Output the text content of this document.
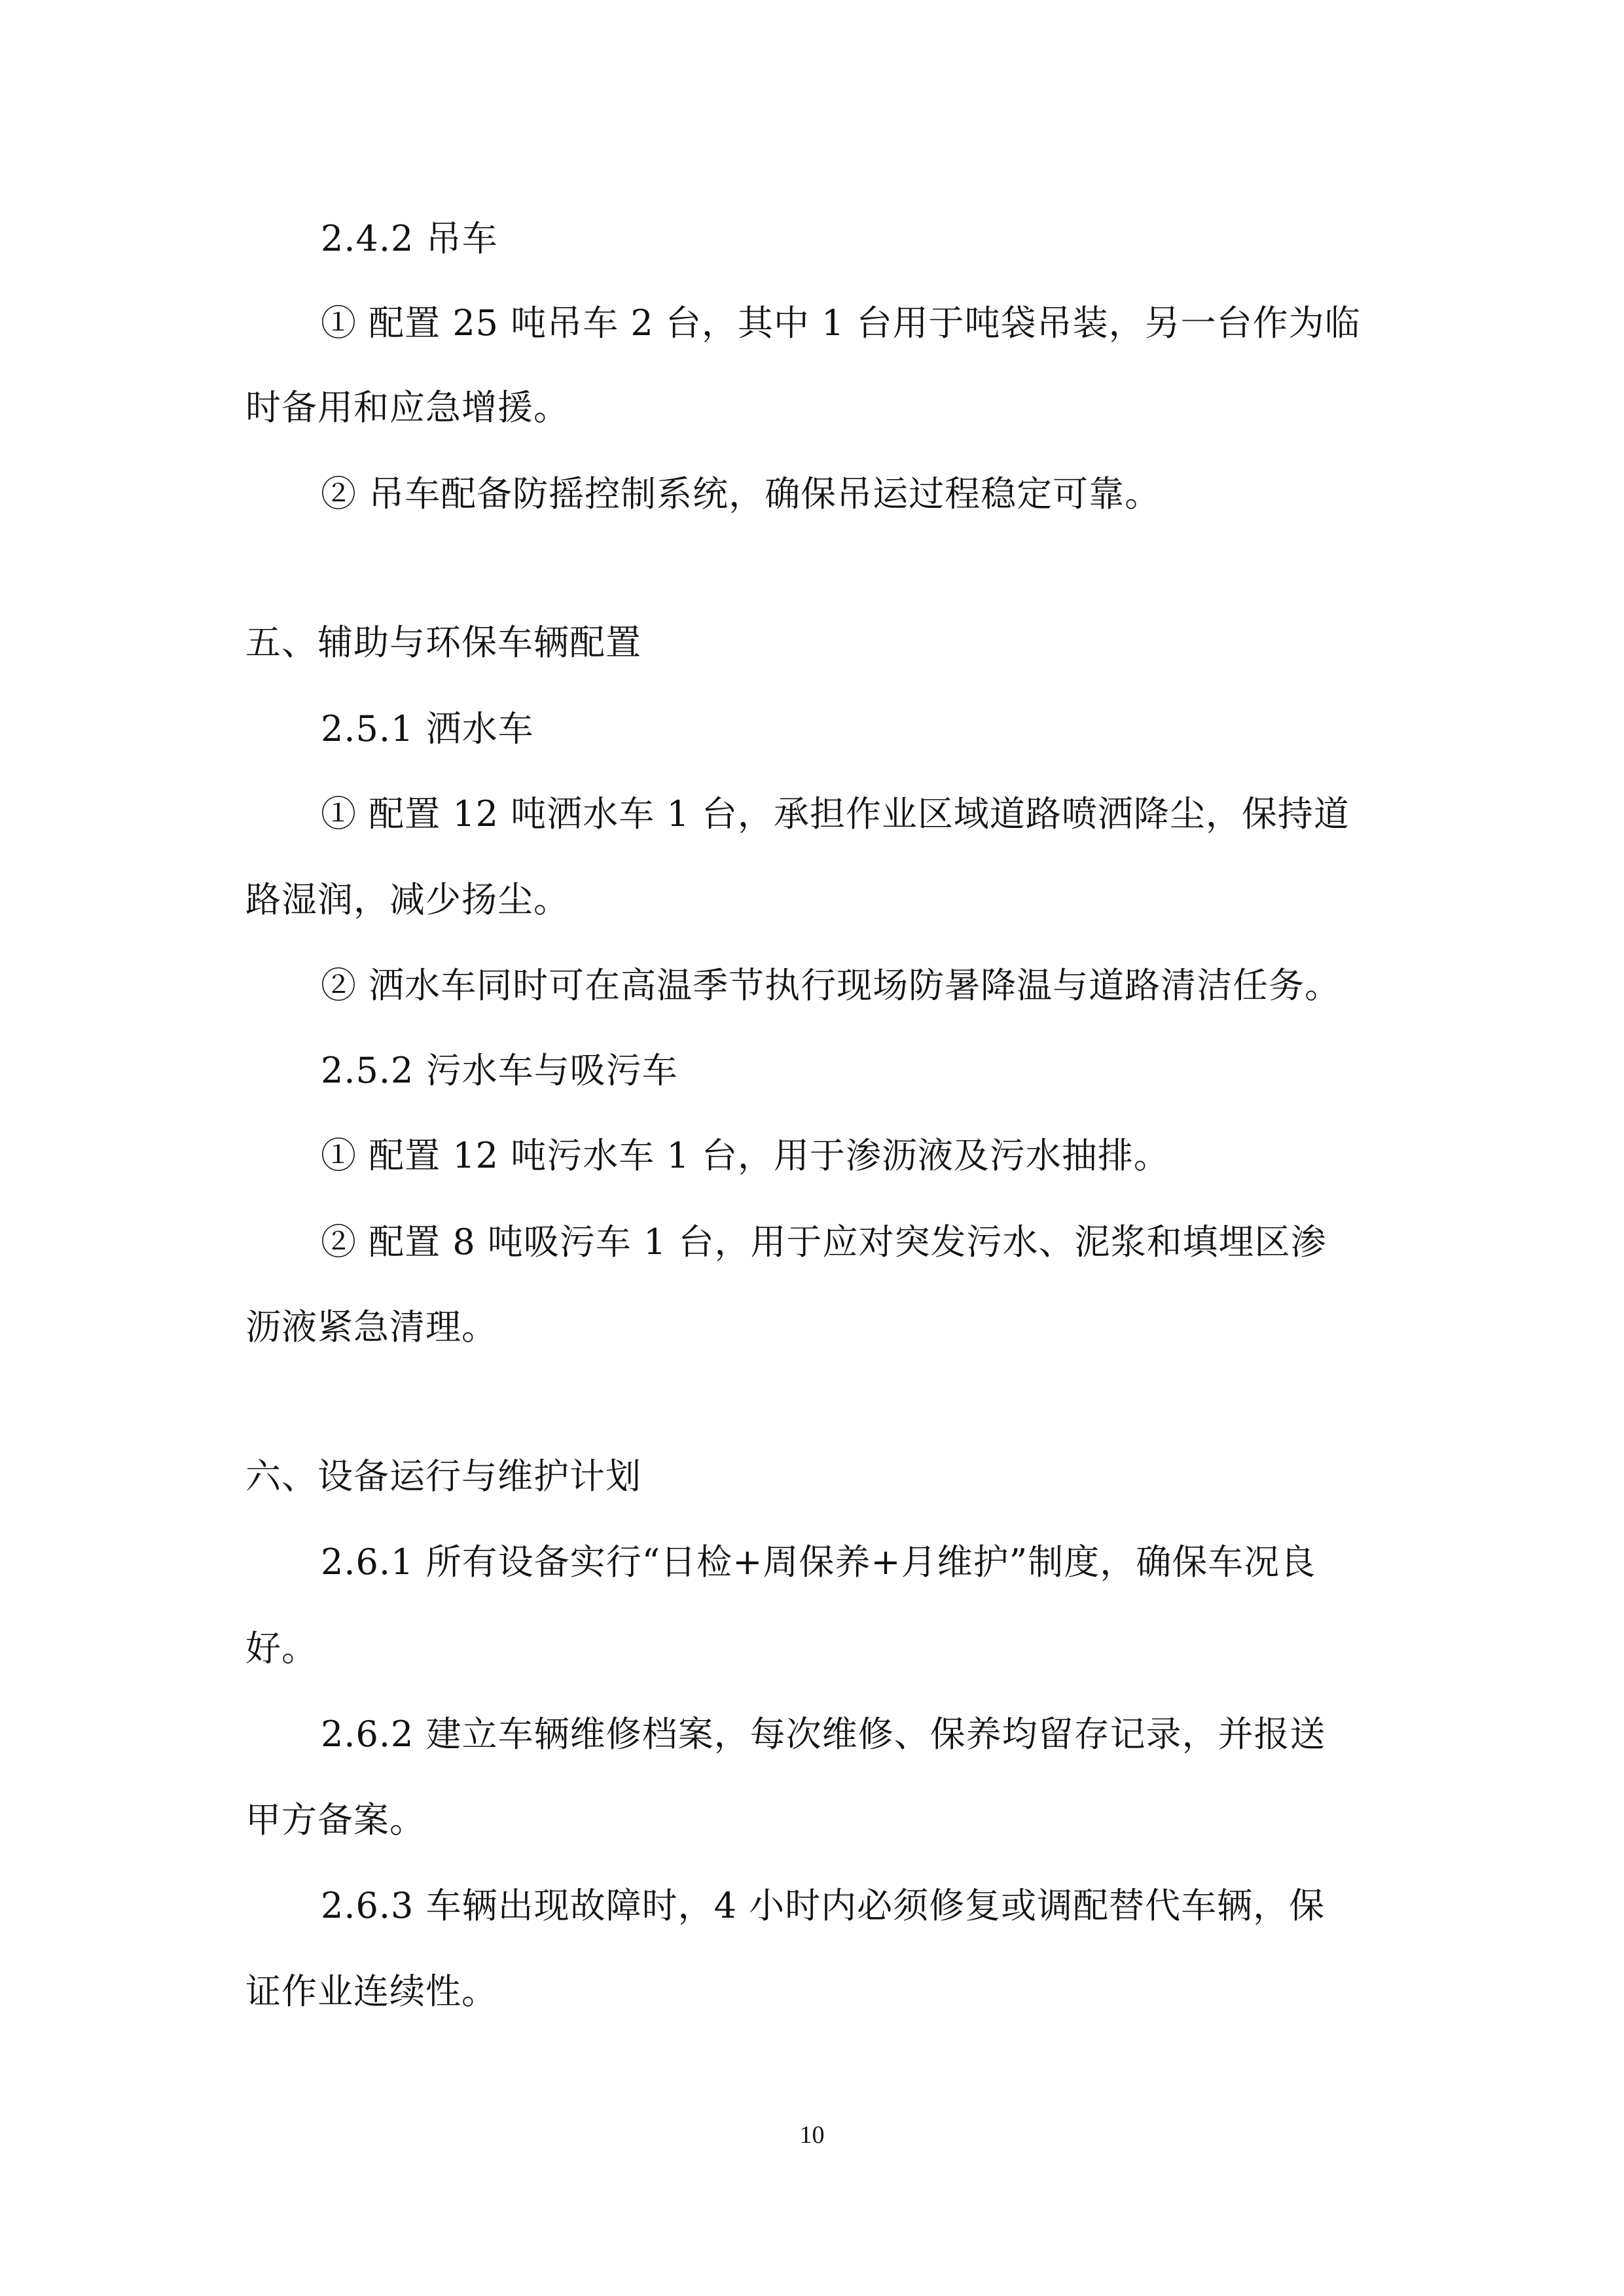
2.4.2 吊车
① 配置 25 吨吊车 2 台，其中 1 台用于吨袋吊装，另一台作为临
时备用和应急增援。
② 吊车配备防摇控制系统，确保吊运过程稳定可靠。
五、辅助与环保车辆配置
2.5.1 洒水车
① 配置 12 吨洒水车 1 台，承担作业区域道路喷洒降尘，保持道
路湿润，减少扬尘。
② 洒水车同时可在高温季节执行现场防暑降温与道路清洁任务。
2.5.2 污水车与吸污车
① 配置 12 吨污水车 1 台，用于渗沥液及污水抽排。
② 配置 8 吨吸污车 1 台，用于应对突发污水、泥浆和填埋区渗
沥液紧急清理。
六、设备运行与维护计划
2.6.1 所有设备实行“日检+周保养+月维护”制度，确保车况良
好。
2.6.2 建立车辆维修档案，每次维修、保养均留存记录，并报送
甲方备案。
2.6.3 车辆出现故障时，4 小时内必须修复或调配替代车辆，保
证作业连续性。
10
